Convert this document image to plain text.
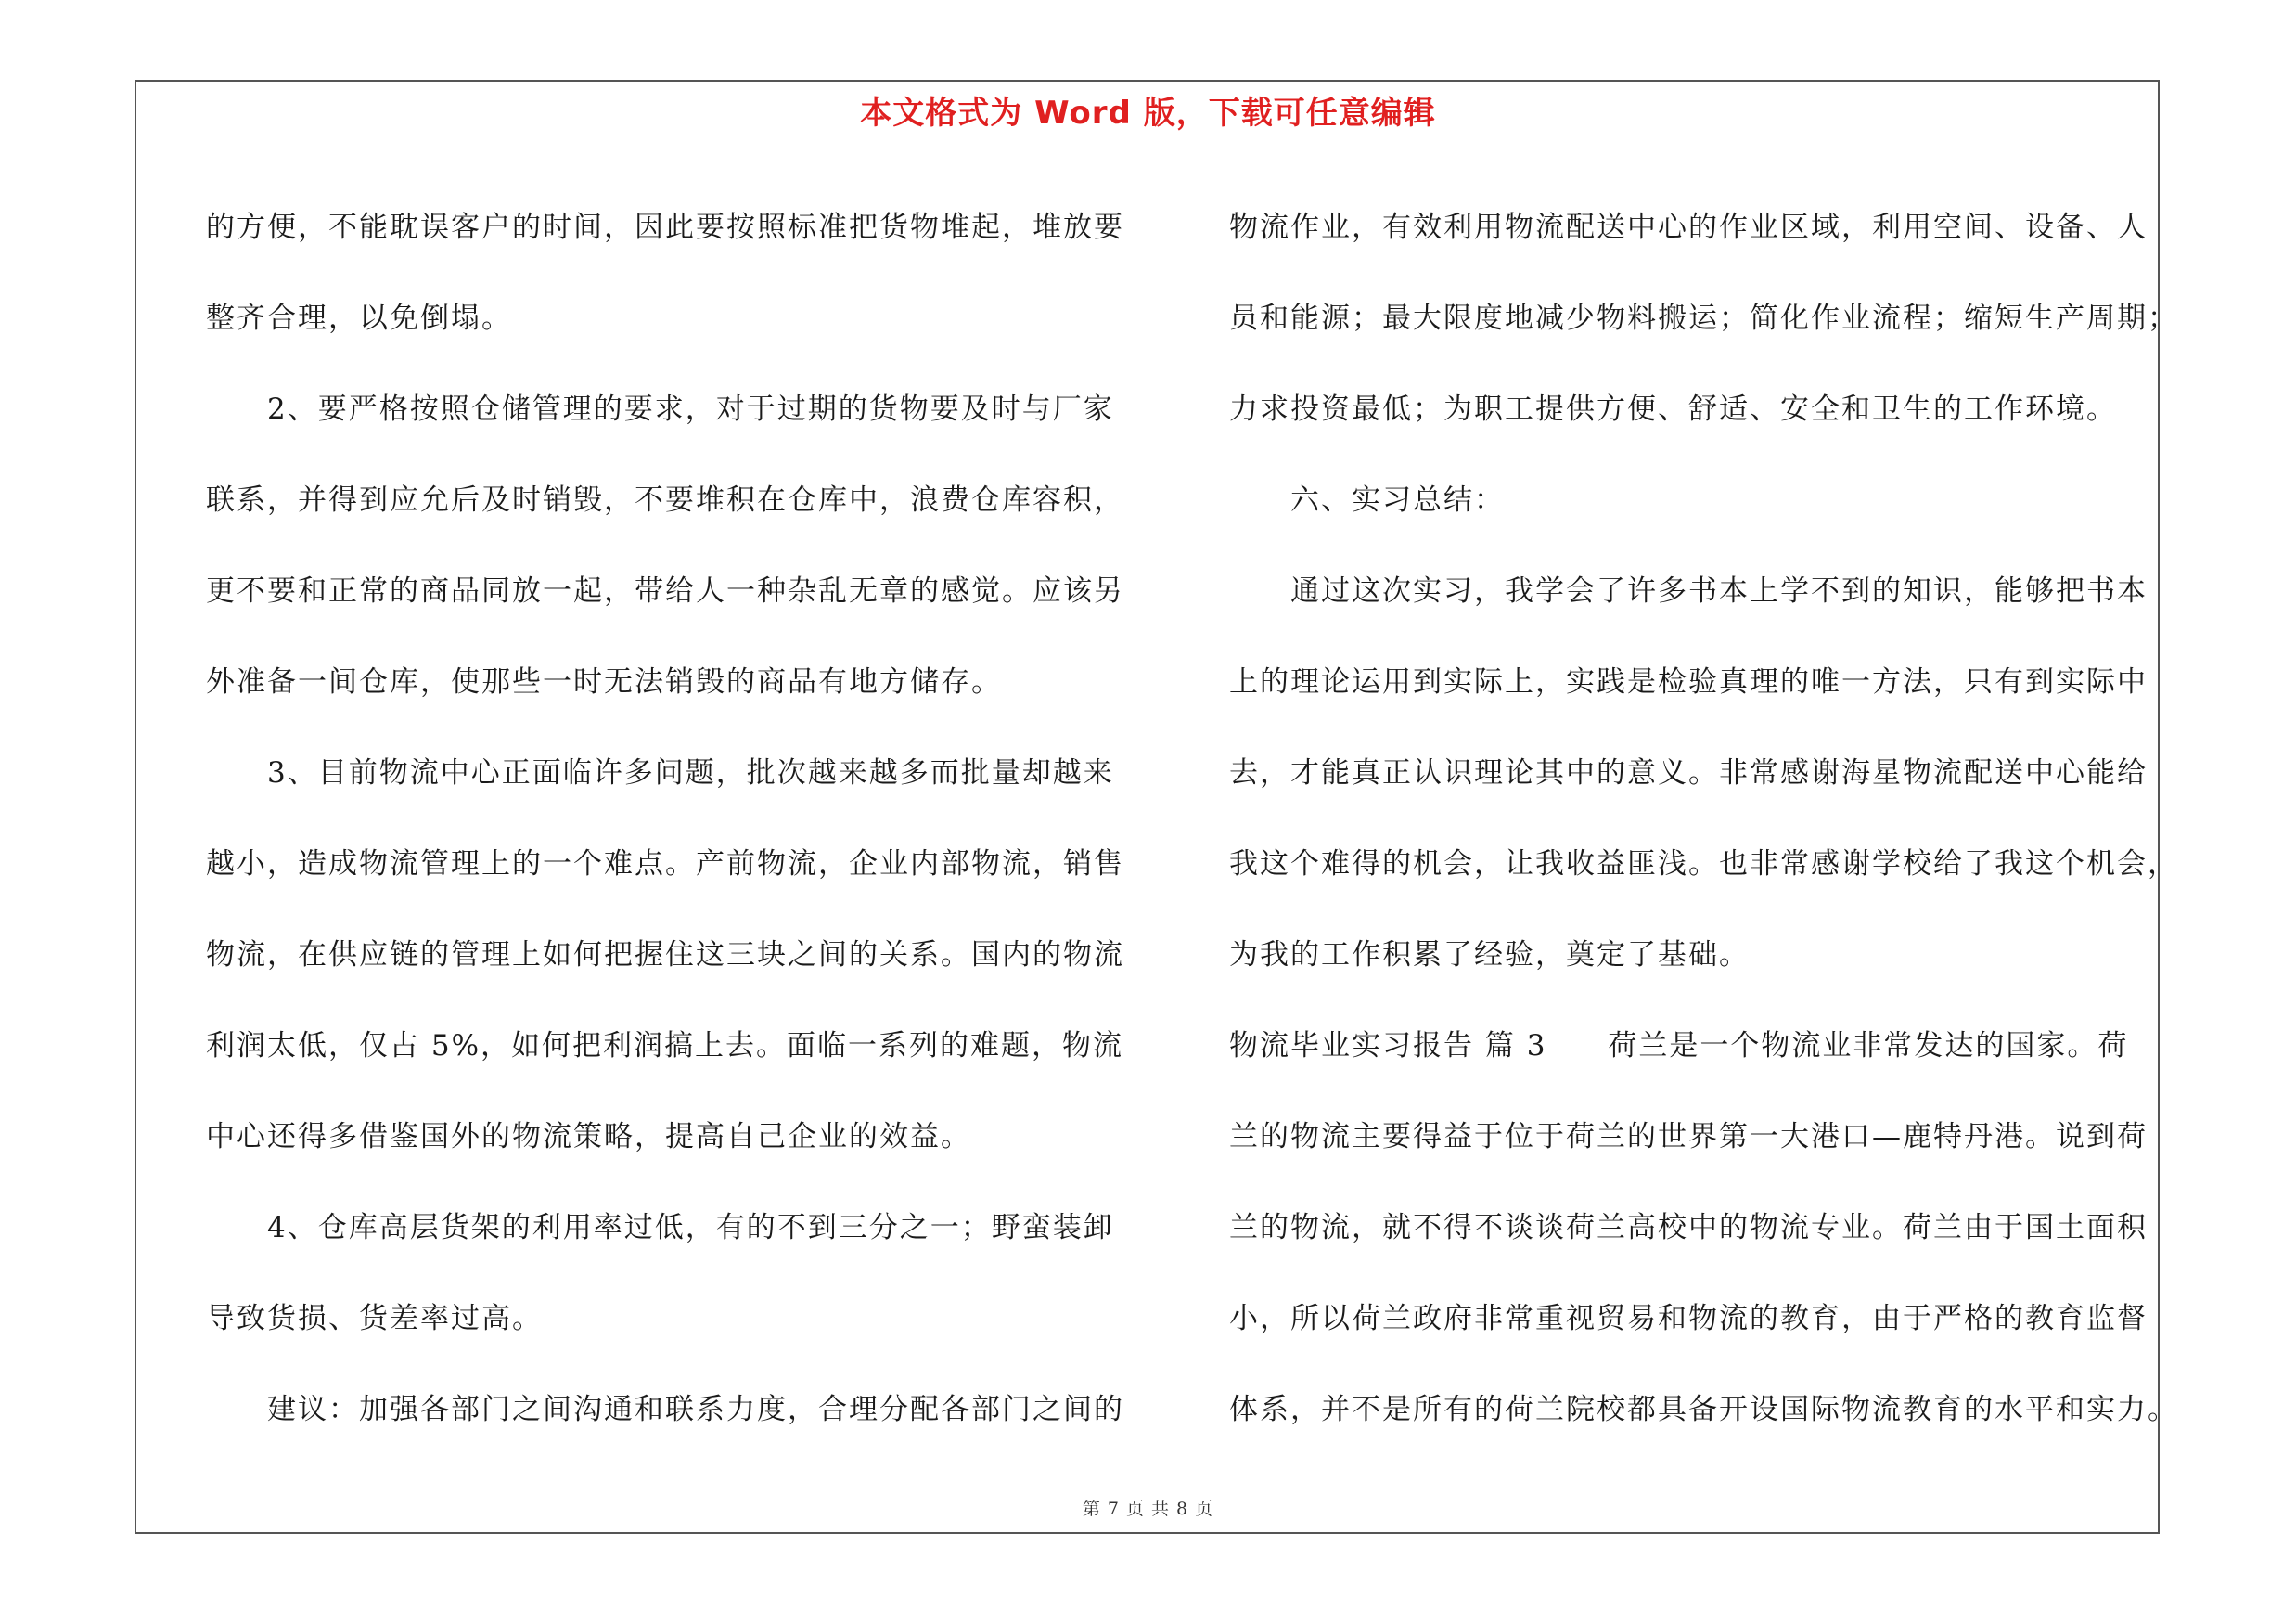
本文格式为 Word 版，下载可任意编辑
的方便，不能耽误客户的时间，因此要按照标准把货物堆起，堆放要
整齐合理，以免倒塌。
　　2、要严格按照仓储管理的要求，对于过期的货物要及时与厂家
联系，并得到应允后及时销毁，不要堆积在仓库中，浪费仓库容积，
更不要和正常的商品同放一起，带给人一种杂乱无章的感觉。应该另
外准备一间仓库，使那些一时无法销毁的商品有地方储存。
　　3、目前物流中心正面临许多问题，批次越来越多而批量却越来
越小，造成物流管理上的一个难点。产前物流，企业内部物流，销售
物流，在供应链的管理上如何把握住这三块之间的关系。国内的物流
利润太低，仅占 5%，如何把利润搞上去。面临一系列的难题，物流
中心还得多借鉴国外的物流策略，提高自己企业的效益。
　　4、仓库高层货架的利用率过低，有的不到三分之一；野蛮装卸
导致货损、货差率过高。
　　建议：加强各部门之间沟通和联系力度，合理分配各部门之间的
物流作业，有效利用物流配送中心的作业区域，利用空间、设备、人
员和能源；最大限度地减少物料搬运；简化作业流程；缩短生产周期；
力求投资最低；为职工提供方便、舒适、安全和卫生的工作环境。
　　六、实习总结：
　　通过这次实习，我学会了许多书本上学不到的知识，能够把书本
上的理论运用到实际上，实践是检验真理的唯一方法，只有到实际中
去，才能真正认识理论其中的意义。非常感谢海星物流配送中心能给
我这个难得的机会，让我收益匪浅。也非常感谢学校给了我这个机会，
为我的工作积累了经验，奠定了基础。
物流毕业实习报告 篇 3　　荷兰是一个物流业非常发达的国家。荷
兰的物流主要得益于位于荷兰的世界第一大港口—鹿特丹港。说到荷
兰的物流，就不得不谈谈荷兰高校中的物流专业。荷兰由于国土面积
小，所以荷兰政府非常重视贸易和物流的教育，由于严格的教育监督
体系，并不是所有的荷兰院校都具备开设国际物流教育的水平和实力。
第 7 页 共 8 页
